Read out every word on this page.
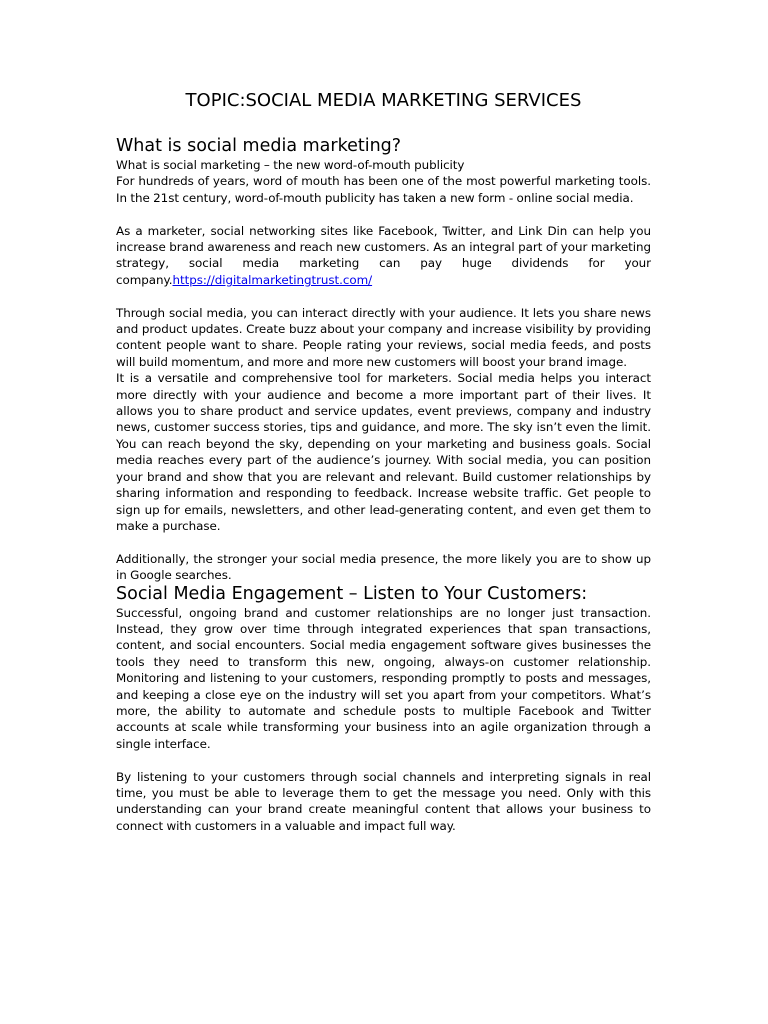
TOPIC:SOCIAL MEDIA MARKETING SERVICES
What is social media marketing?

What is social marketing – the new word-of-mouth publicity

For hundreds of years, word of mouth has been one of the most powerful marketing tools. In the 21st century, word-of-mouth publicity has taken a new form - online social media.

As a marketer, social networking sites like Facebook, Twitter, and Link Din can help you increase brand awareness and reach new customers. As an integral part of your marketing strategy, social media marketing can pay huge dividends for your company.https://digitalmarketingtrust.com/

Through social media, you can interact directly with your audience. It lets you share news and product updates. Create buzz about your company and increase visibility by providing content people want to share. People rating your reviews, social media feeds, and posts will build momentum, and more and more new customers will boost your brand image.

It is a versatile and comprehensive tool for marketers. Social media helps you interact more directly with your audience and become a more important part of their lives. It allows you to share product and service updates, event previews, company and industry news, customer success stories, tips and guidance, and more. The sky isn’t even the limit. You can reach beyond the sky, depending on your marketing and business goals. Social media reaches every part of the audience’s journey. With social media, you can position your brand and show that you are relevant and relevant. Build customer relationships by sharing information and responding to feedback. Increase website traffic. Get people to sign up for emails, newsletters, and other lead-generating content, and even get them to make a purchase.

Additionally, the stronger your social media presence, the more likely you are to show up in Google searches.

Social Media Engagement – Listen to Your Customers:

Successful, ongoing brand and customer relationships are no longer just transaction. Instead, they grow over time through integrated experiences that span transactions, content, and social encounters. Social media engagement software gives businesses the tools they need to transform this new, ongoing, always-on customer relationship. Monitoring and listening to your customers, responding promptly to posts and messages, and keeping a close eye on the industry will set you apart from your competitors. What’s more, the ability to automate and schedule posts to multiple Facebook and Twitter accounts at scale while transforming your business into an agile organization through a single interface.

By listening to your customers through social channels and interpreting signals in real time, you must be able to leverage them to get the message you need. Only with this understanding can your brand create meaningful content that allows your business to connect with customers in a valuable and impact full way.
